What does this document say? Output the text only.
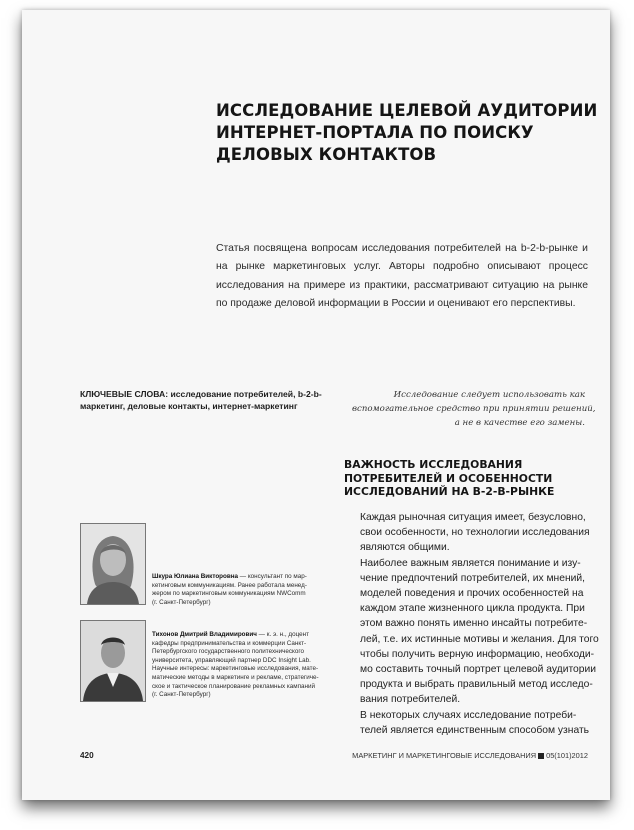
ИССЛЕДОВАНИЕ ЦЕЛЕВОЙ АУДИТОРИИ
ИНТЕРНЕТ-ПОРТАЛА ПО ПОИСКУ
ДЕЛОВЫХ КОНТАКТОВ

Статья посвящена вопросам исследования потребителей на b-2-b-рынке и на рынке маркетинговых услуг. Авторы подробно описывают процесс исследования на примере из практики, рассматривают ситуацию на рынке по продаже деловой информации в России и оценивают его перспективы.

КЛЮЧЕВЫЕ СЛОВА: исследование потребителей, b-2-b-маркетинг, деловые контакты, интернет-маркетинг

Исследование следует использовать как
вспомогательное средство при принятии решений,
а не в качестве его замены.

ВАЖНОСТЬ ИССЛЕДОВАНИЯ
ПОТРЕБИТЕЛЕЙ И ОСОБЕННОСТИ
ИССЛЕДОВАНИЙ НА B-2-B-РЫНКЕ

Каждая рыночная ситуация имеет, безусловно,
свои особенности, но технологии исследования
являются общими.

Наиболее важным является понимание и изу-
чение предпочтений потребителей, их мнений,
моделей поведения и прочих особенностей на
каждом этапе жизненного цикла продукта. При
этом важно понять именно инсайты потребите-
лей, т.е. их истинные мотивы и желания. Для того
чтобы получить верную информацию, необходи-
мо составить точный портрет целевой аудитории
продукта и выбрать правильный метод исследо-
вания потребителей.

В некоторых случаях исследование потреби-
телей является единственным способом узнать

Шкура Юлиана Викторовна — консультант по мар-
кетинговым коммуникациям. Ранее работала менед-
жером по маркетинговым коммуникациям NWComm
(г. Санкт-Петербург)

Тихонов Дмитрий Владимирович — к. э. н., доцент
кафедры предпринимательства и коммерции Санкт-
Петербургского государственного политехнического
университета, управляющий партнер DDC Insight Lab.
Научные интересы: маркетинговые исследования, мате-
матические методы в маркетинге и рекламе, стратегиче-
ское и тактическое планирование рекламных кампаний
(г. Санкт-Петербург)

420	МАРКЕТИНГ И МАРКЕТИНГОВЫЕ ИССЛЕДОВАНИЯ 05(101)2012
